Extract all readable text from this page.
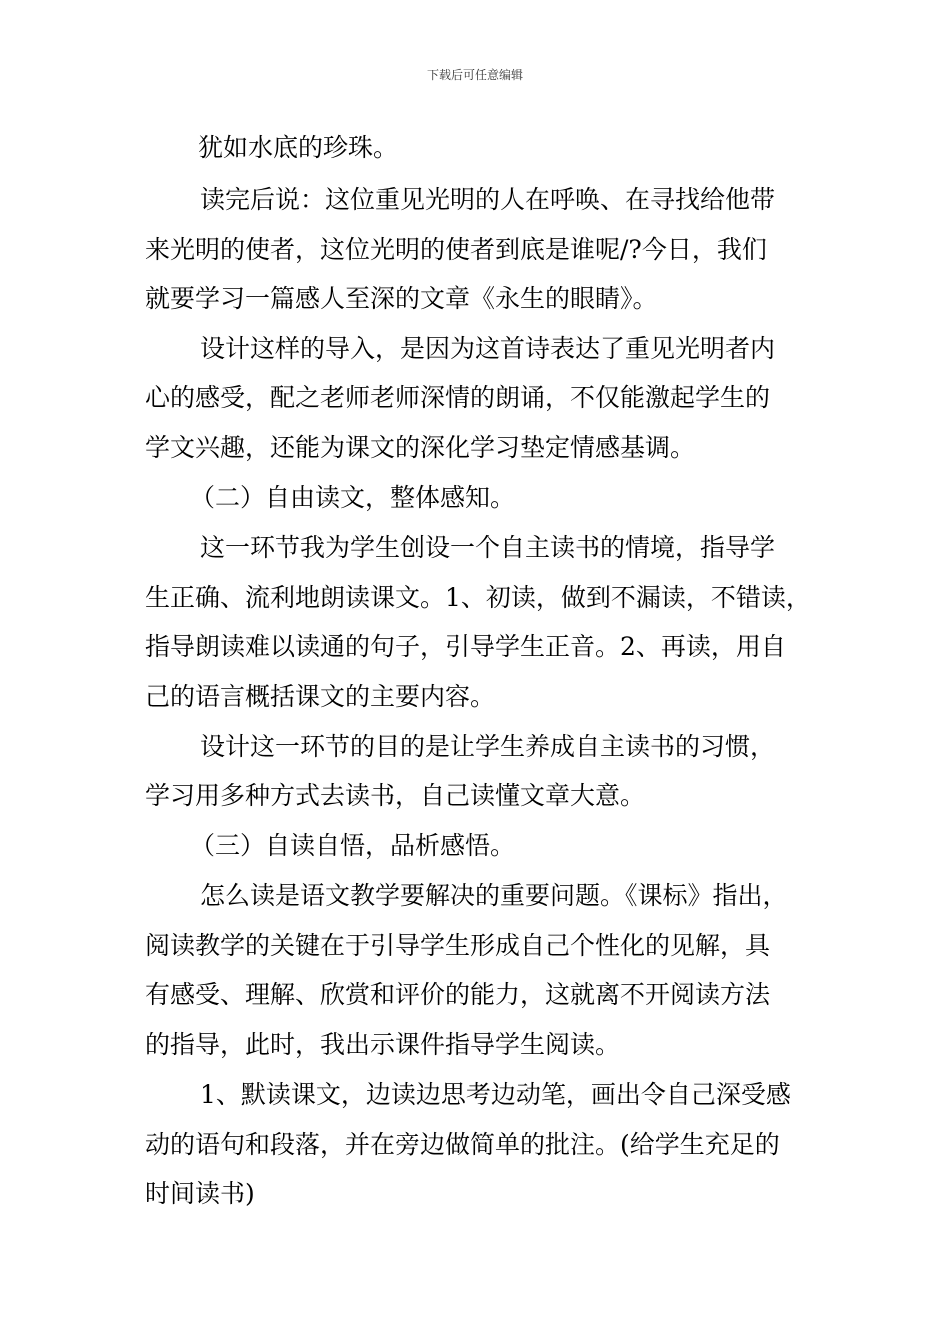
下载后可任意编辑
犹如水底的珍珠。
读完后说：这位重见光明的人在呼唤、在寻找给他带
来光明的使者，这位光明的使者到底是谁呢/?今日，我们
就要学习一篇感人至深的文章《永生的眼睛》。
设计这样的导入，是因为这首诗表达了重见光明者内
心的感受，配之老师老师深情的朗诵，不仅能激起学生的
学文兴趣，还能为课文的深化学习垫定情感基调。
（二）自由读文，整体感知。
这一环节我为学生创设一个自主读书的情境，指导学
生正确、流利地朗读课文。1、初读，做到不漏读，不错读，
指导朗读难以读通的句子，引导学生正音。2、再读，用自
己的语言概括课文的主要内容。
设计这一环节的目的是让学生养成自主读书的习惯，
学习用多种方式去读书，自己读懂文章大意。
（三）自读自悟，品析感悟。
怎么读是语文教学要解决的重要问题。《课标》指出，
阅读教学的关键在于引导学生形成自己个性化的见解，具
有感受、理解、欣赏和评价的能力，这就离不开阅读方法
的指导，此时，我出示课件指导学生阅读。
1、默读课文，边读边思考边动笔，画出令自己深受感
动的语句和段落，并在旁边做简单的批注。(给学生充足的
时间读书)
